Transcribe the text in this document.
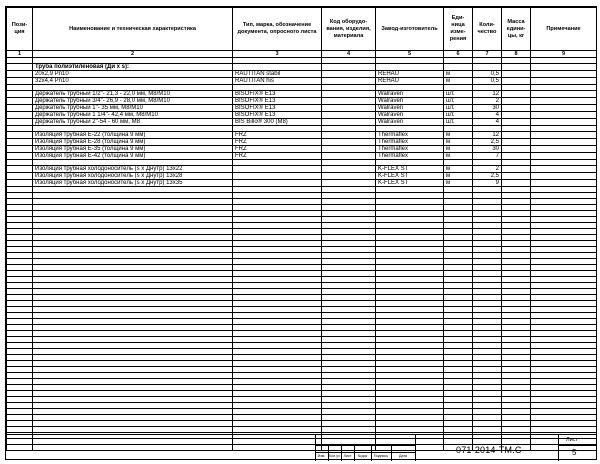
Пози- ция	Наименование и техническая характеристика	Тип, марка, обозначение документа, опросного листа	Код оборудо-вания, изделия, материала	Завод-изготовитель	Еди-ница изме-рения	Коли-чество	Масса едини-цы, кг	Примечание
1	2	3	4	5	6	7	8	9

	Труба полиэтиленовая (Ди x s):							
	20x2,9 Pn10	RAUTITAN stabil		REHAU	м	0,5		
	32x4,4 Pn10	RAUTITAN his		REHAU	м	0,5		

	Держатель трубный 1/2"- 21,3 - 22,0 мм, М8/М10	BISOFIX® E13		Walraven	шт.	12		
	Держатель трубный 3/4"- 26,9 - 28,0 мм, М8/М10	BISOFIX® E13		Walraven	шт.	2		
	Держатель трубный 1"- 35 мм, М8/М10	BISOFIX® E13		Walraven	шт.	30		
	Держатель трубный 1 1/4"- 42,4 мм, М8/М10	BISOFIX® E13		Walraven	шт.	4		
	Держатель трубный 2"-54 - 60 мм, М8	BIS Billo® 300 (М8)		Walraven	шт.	4		

	Изоляция трубная E-22 (толщина 9 мм)	FRZ		Thermaflex	м	12		
	Изоляция трубная E-28 (толщина 9 мм)	FRZ		Thermaflex	м	2,5		
	Изоляция трубная E-35 (толщина 9 мм)	FRZ		Thermaflex	м	30		
	Изоляция трубная E-42 (толщина 9 мм)	FRZ		Thermaflex	м	7		

	Изоляция трубная холодоноситель (s x Днутр) 13x22			K-FLEX ST	м	2		
	Изоляция трубная холодоноситель (s x Днутр) 13x28			K-FLEX ST	м	2,5		
	Изоляция трубная холодоноситель (s x Днутр) 13x35			K-FLEX ST	м	9		

Изм.	Кол.уч	Лист	№док	Подпись	Дата
071-2014-ТМ.С
Лист
5
